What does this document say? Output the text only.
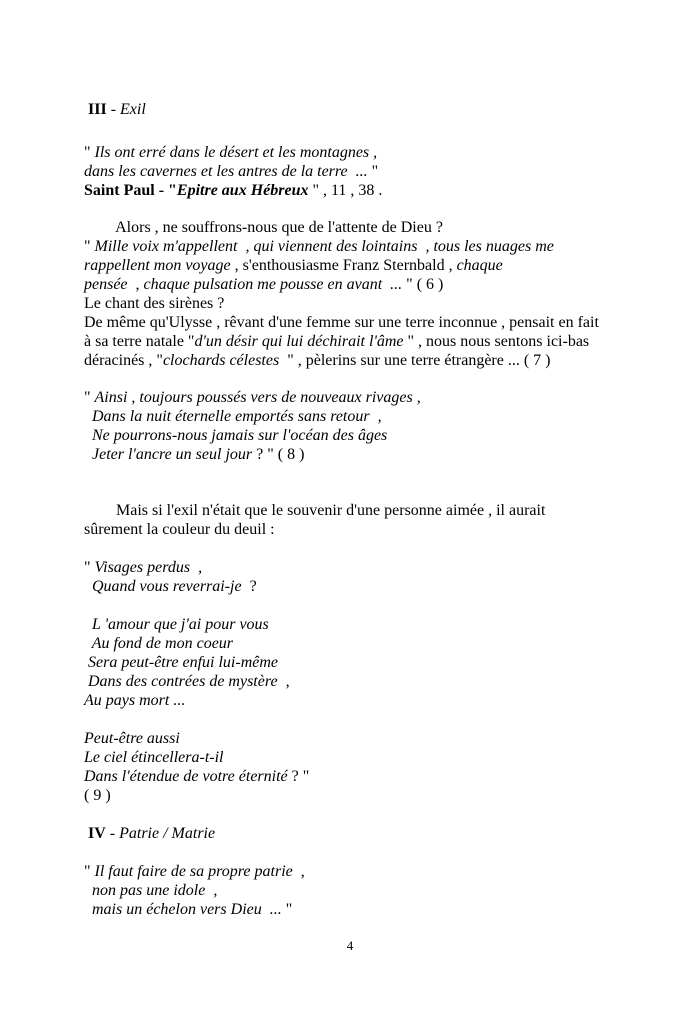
III - Exil
" Ils ont erré dans le désert et les montagnes ,
dans les cavernes et les antres de la terre  ... "
Saint Paul - "Epitre aux Hébreux " , 11 , 38 .
Alors , ne souffrons-nous que de l'attente de Dieu ?
" Mille voix m'appellent  , qui viennent des lointains  , tous les nuages me
rappellent mon voyage , s'enthousiasme Franz Sternbald , chaque
pensée  , chaque pulsation me pousse en avant  ... " ( 6 )
Le chant des sirènes ?
De même qu'Ulysse , rêvant d'une femme sur une terre inconnue , pensait en fait
à sa terre natale "d'un désir qui lui déchirait l'âme " , nous nous sentons ici-bas
déracinés , "clochards célestes  " , pèlerins sur une terre étrangère ... ( 7 )
" Ainsi , toujours poussés vers de nouveaux rivages ,
Dans la nuit éternelle emportés sans retour  ,
Ne pourrons-nous jamais sur l'océan des âges
Jeter l'ancre un seul jour ? " ( 8 )
Mais si l'exil n'était que le souvenir d'une personne aimée , il aurait
sûrement la couleur du deuil :
" Visages perdus  ,
Quand vous reverrai-je  ?
L 'amour que j'ai pour vous
Au fond de mon coeur
Sera peut-être enfui lui-même
Dans des contrées de mystère  ,
Au pays mort ...
Peut-être aussi
Le ciel étincellera-t-il
Dans l'étendue de votre éternité ? "
( 9 )
IV - Patrie / Matrie
" Il faut faire de sa propre patrie  ,
non pas une idole  ,
mais un échelon vers Dieu  ... "
4
